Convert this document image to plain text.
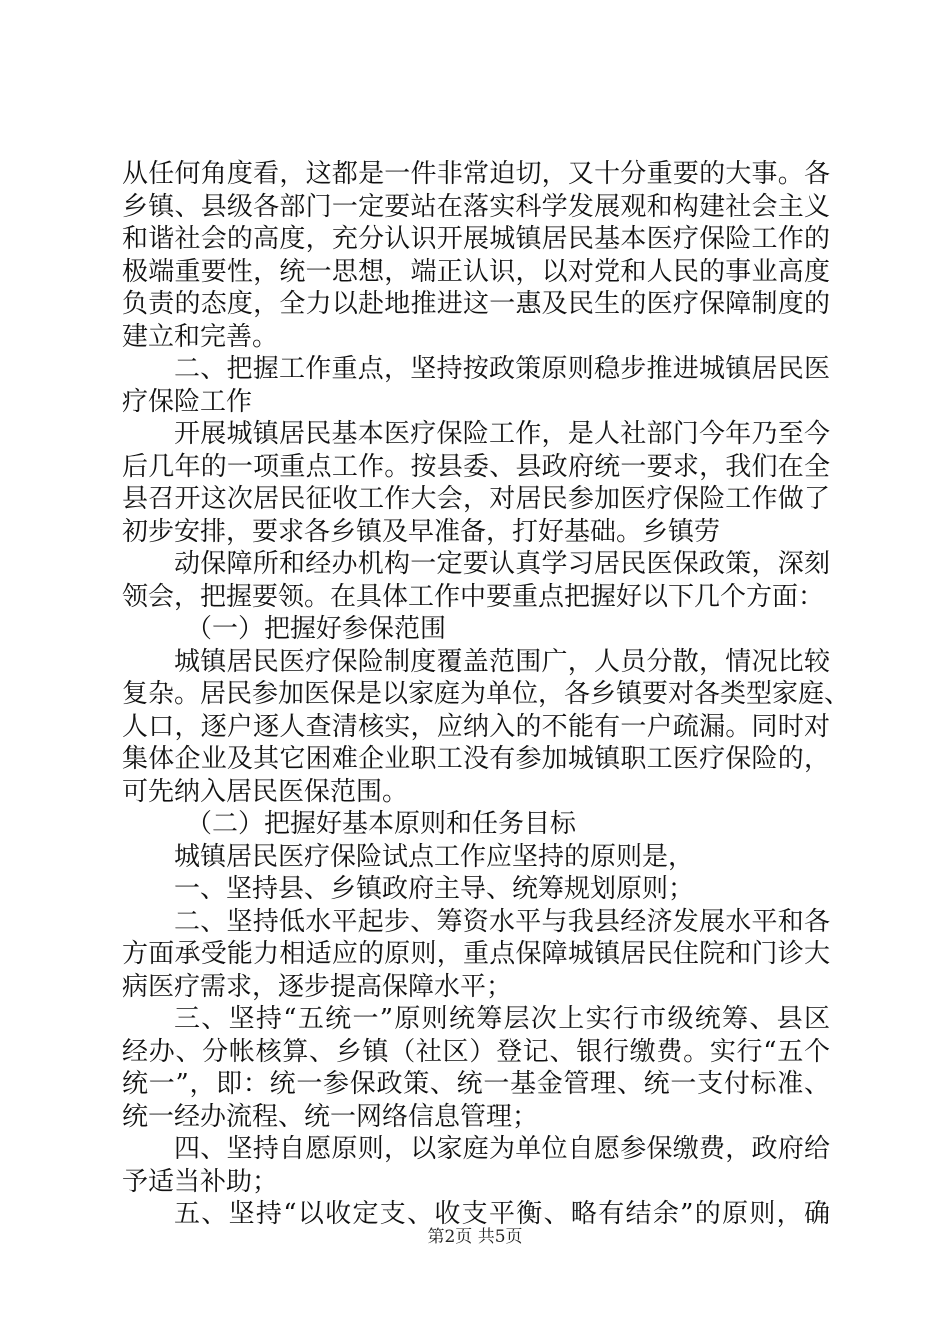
从任何角度看，这都是一件非常迫切，又十分重要的大事。各
乡镇、县级各部门一定要站在落实科学发展观和构建社会主义
和谐社会的高度，充分认识开展城镇居民基本医疗保险工作的
极端重要性，统一思想，端正认识，以对党和人民的事业高度
负责的态度，全力以赴地推进这一惠及民生的医疗保障制度的
建立和完善。
二、把握工作重点，坚持按政策原则稳步推进城镇居民医
疗保险工作
开展城镇居民基本医疗保险工作，是人社部门今年乃至今
后几年的一项重点工作。按县委、县政府统一要求，我们在全
县召开这次居民征收工作大会，对居民参加医疗保险工作做了
初步安排，要求各乡镇及早准备，打好基础。乡镇劳
动保障所和经办机构一定要认真学习居民医保政策，深刻
领会，把握要领。在具体工作中要重点把握好以下几个方面：
（一）把握好参保范围
城镇居民医疗保险制度覆盖范围广，人员分散，情况比较
复杂。居民参加医保是以家庭为单位，各乡镇要对各类型家庭、
人口，逐户逐人查清核实，应纳入的不能有一户疏漏。同时对
集体企业及其它困难企业职工没有参加城镇职工医疗保险的，
可先纳入居民医保范围。
（二）把握好基本原则和任务目标
城镇居民医疗保险试点工作应坚持的原则是，
一、坚持县、乡镇政府主导、统筹规划原则；
二、坚持低水平起步、筹资水平与我县经济发展水平和各
方面承受能力相适应的原则，重点保障城镇居民住院和门诊大
病医疗需求，逐步提高保障水平；
三、坚持“五统一”原则统筹层次上实行市级统筹、县区
经办、分帐核算、乡镇（社区）登记、银行缴费。实行“五个
统一”，即：统一参保政策、统一基金管理、统一支付标准、
统一经办流程、统一网络信息管理；
四、坚持自愿原则，以家庭为单位自愿参保缴费，政府给
予适当补助；
五、坚持“以收定支、收支平衡、略有结余”的原则，确
第2页 共5页
